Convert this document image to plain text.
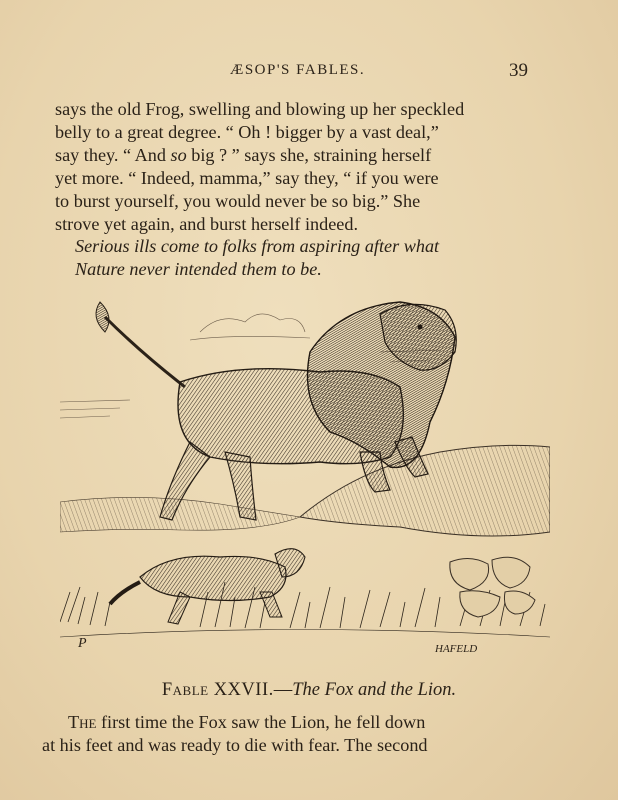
ÆSOP'S FABLES.	39

says the old Frog, swelling and blowing up her speckled
belly to a great degree. “ Oh ! bigger by a vast deal,”
say they. “ And so big ? ” says she, straining herself
yet more. “ Indeed, mamma,” say they, “ if you were
to burst yourself, you would never be so big.” She
strove yet again, and burst herself indeed.

Serious ills come to folks from aspiring after what
Nature never intended them to be.

P	HAFELD
Fable XXVII.—The Fox and the Lion.

The first time the Fox saw the Lion, he fell down
at his feet and was ready to die with fear. The second
